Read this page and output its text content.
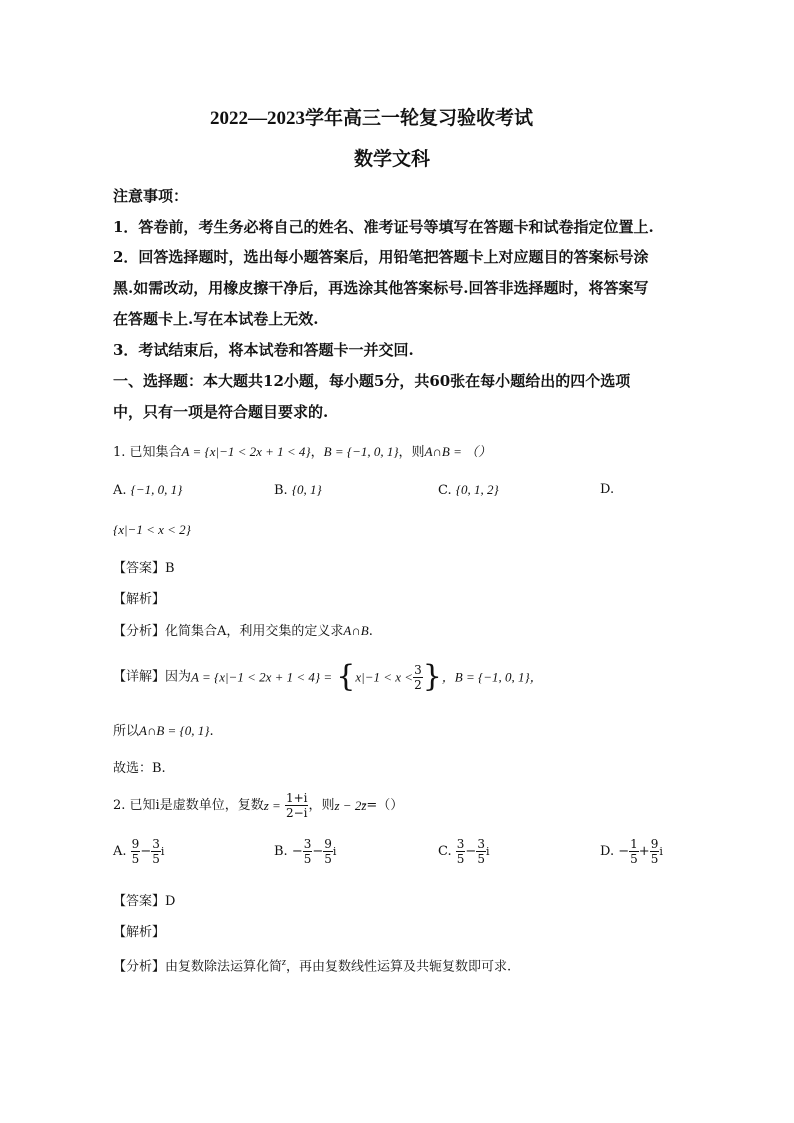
2022—2023学年高三一轮复习验收考试
数学文科
注意事项：
1．答卷前，考生务必将自己的姓名、准考证号等填写在答题卡和试卷指定位置上.
2．回答选择题时，选出每小题答案后，用铅笔把答题卡上对应题目的答案标号涂
黑.如需改动，用橡皮擦干净后，再选涂其他答案标号.回答非选择题时，将答案写
在答题卡上.写在本试卷上无效.
3．考试结束后，将本试卷和答题卡一并交回.
一、选择题：本大题共12小题，每小题5分，共60张在每小题给出的四个选项
中，只有一项是符合题目要求的.
1. 已知集合A = {x|−1 < 2x + 1 < 4}，B = {−1, 0, 1}，则A∩B = （）
A. {−1, 0, 1}	B. {0, 1}	C. {0, 1, 2}	D.
{x|−1 < x < 2}
【答案】B
【解析】
【分析】化简集合A，利用交集的定义求A∩B.
【详解】因为$A = \{x|-1 < 2x + 1 < 4\} = \{x|-1 < x < \frac{3}{2}$ }，B = {−1, 0, 1}，
所以A∩B = {0, 1}.
故选：B.
2. 已知i是虚数单位，复数$z = \frac{1+i}{2-i}$ ，则z − 2z̄=（）
A. $\frac{9}{5} - \frac{3}{5}$ i	B. − $\frac{3}{5} - \frac{9}{5}$ i	C. $\frac{3}{5} - \frac{3}{5}$ i	D. − $\frac{1}{5} + \frac{9}{5}$ i
【答案】D
【解析】
【分析】由复数除法运算化简$^z$，再由复数线性运算及共轭复数即可求.
